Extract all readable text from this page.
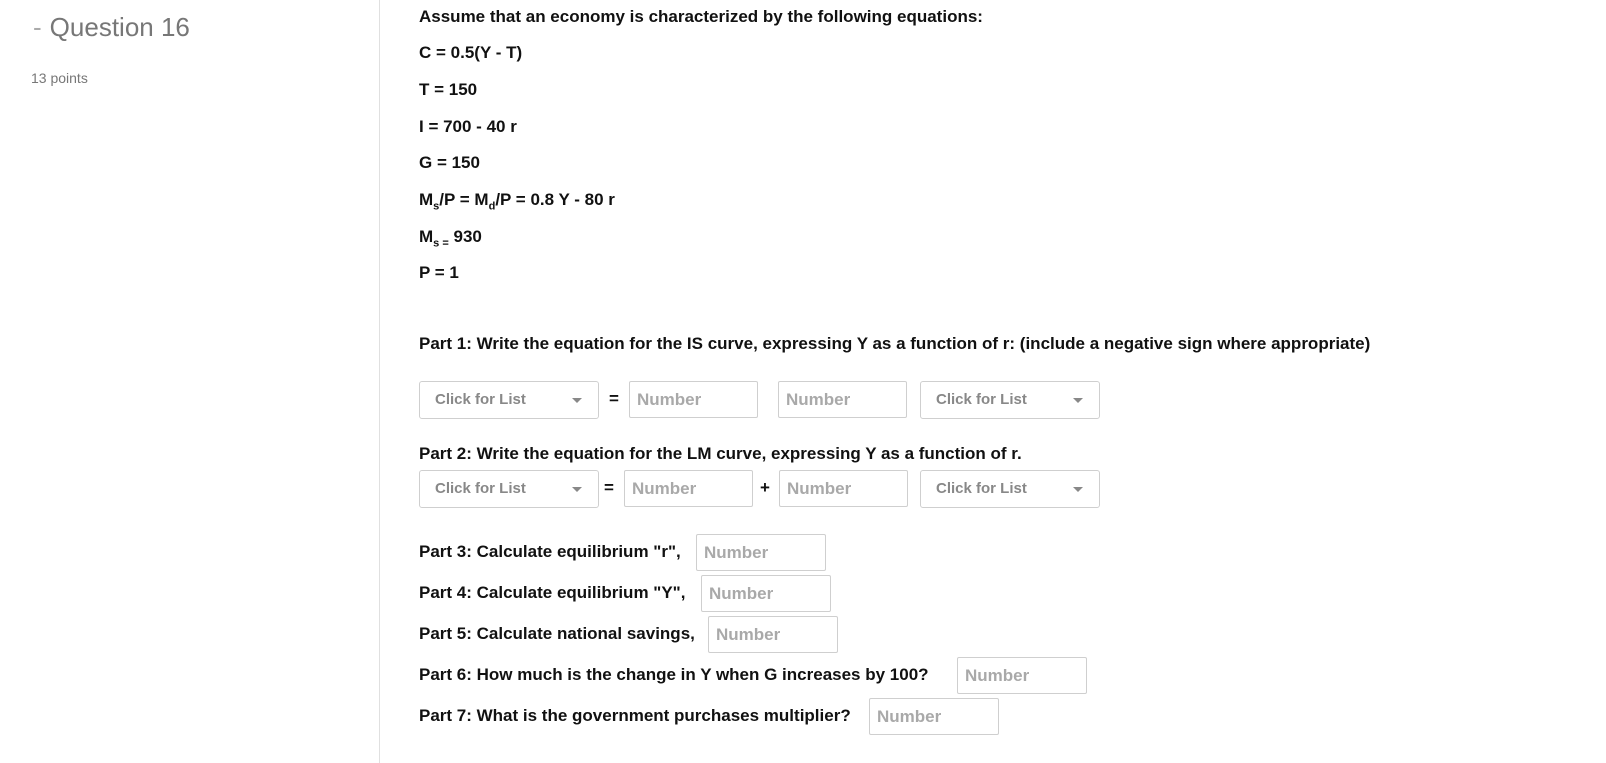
- Question 16
13 points
Assume that an economy is characterized by the following equations:
C = 0.5(Y - T)
T = 150
I = 700 - 40 r
G = 150
$M_s/P = M_d/P = 0.8$ Y - 80 r
$M_{s =}$ 930
P = 1
Part 1: Write the equation for the IS curve, expressing Y as a function of r: (include a negative sign where appropriate)
Click for List	=
Number
Number	Click for List
Part 2: Write the equation for the LM curve, expressing Y as a function of r.
Click for List	=
Number	+
Number	Click for List
Part 3: Calculate equilibrium "r",
Number
Part 4: Calculate equilibrium "Y",
Number
Part 5: Calculate national savings,
Number
Part 6: How much is the change in Y when G increases by 100?
Number
Part 7: What is the government purchases multiplier?
Number
